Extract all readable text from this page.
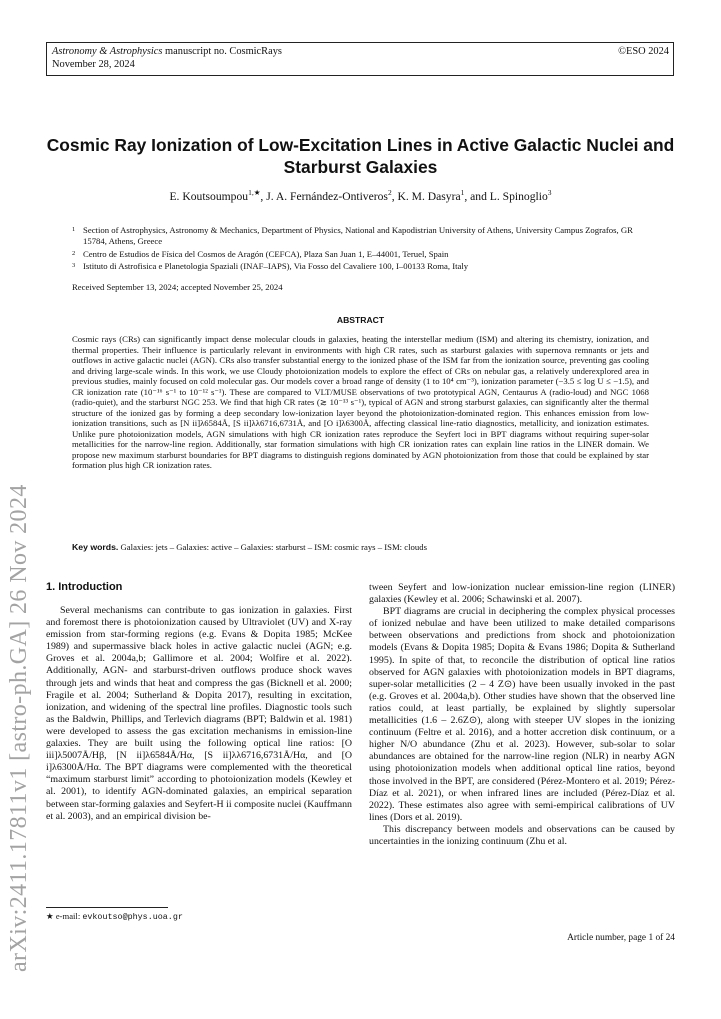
Astronomy & Astrophysics manuscript no. CosmicRays
November 28, 2024
©ESO 2024
arXiv:2411.17811v1 [astro-ph.GA] 26 Nov 2024
Cosmic Ray Ionization of Low-Excitation Lines in Active Galactic Nuclei and Starburst Galaxies
E. Koutsoumpou$^{1,★}$, J. A. Fernández-Ontiveros$^2$, K. M. Dasyra$^1$, and L. Spinoglio$^3$
1 Section of Astrophysics, Astronomy & Mechanics, Department of Physics, National and Kapodistrian University of Athens, University Campus Zografos, GR 15784, Athens, Greece
2 Centro de Estudios de Física del Cosmos de Aragón (CEFCA), Plaza San Juan 1, E–44001, Teruel, Spain
3 Istituto di Astrofisica e Planetologia Spaziali (INAF–IAPS), Via Fosso del Cavaliere 100, I–00133 Roma, Italy
Received September 13, 2024; accepted November 25, 2024
ABSTRACT
Cosmic rays (CRs) can significantly impact dense molecular clouds in galaxies, heating the interstellar medium (ISM) and altering its chemistry, ionization, and thermal properties. Their influence is particularly relevant in environments with high CR rates, such as starburst galaxies with supernova remnants or jets and outflows in active galactic nuclei (AGN). CRs also transfer substantial energy to the ionized phase of the ISM far from the ionization source, preventing gas cooling and driving large-scale winds. In this work, we use Cloudy photoionization models to explore the effect of CRs on nebular gas, a relatively underexplored area in previous studies, mainly focused on cold molecular gas. Our models cover a broad range of density (1 to 10⁴ cm⁻³), ionization parameter (−3.5 ≤ log U ≤ −1.5), and CR ionization rate (10⁻¹⁶ s⁻¹ to 10⁻¹² s⁻¹). These are compared to VLT/MUSE observations of two prototypical AGN, Centaurus A (radio-loud) and NGC 1068 (radio-quiet), and the starburst NGC 253. We find that high CR rates (≳ 10⁻¹³ s⁻¹), typical of AGN and strong starburst galaxies, can significantly alter the thermal structure of the ionized gas by forming a deep secondary low-ionization layer beyond the photoionization-dominated region. This enhances emission from low-ionization transitions, such as [N ii]λ6584Å, [S ii]λλ6716,6731Å, and [O i]λ6300Å, affecting classical line-ratio diagnostics, metallicity, and ionization estimates. Unlike pure photoionization models, AGN simulations with high CR ionization rates reproduce the Seyfert loci in BPT diagrams without requiring super-solar metallicities for the narrow-line region. Additionally, star formation simulations with high CR ionization rates can explain line ratios in the LINER domain. We propose new maximum starburst boundaries for BPT diagrams to distinguish regions dominated by AGN photoionization from those that could be explained by star formation plus high CR ionization rates.
Key words. Galaxies: jets – Galaxies: active – Galaxies: starburst – ISM: cosmic rays – ISM: clouds
1. Introduction

Several mechanisms can contribute to gas ionization in galaxies. First and foremost there is photoionization caused by Ultraviolet (UV) and X-ray emission from star-forming regions (e.g. Evans & Dopita 1985; McKee 1989) and supermassive black holes in active galactic nuclei (AGN; e.g. Groves et al. 2004a,b; Gallimore et al. 2004; Wolfire et al. 2022). Additionally, AGN- and starburst-driven outflows produce shock waves through jets and winds that heat and compress the gas (Bicknell et al. 2000; Fragile et al. 2004; Sutherland & Dopita 2017), resulting in excitation, ionization, and widening of the spectral line profiles. Diagnostic tools such as the Baldwin, Phillips, and Terlevich diagrams (BPT; Baldwin et al. 1981) were developed to assess the gas excitation mechanisms in emission-line galaxies. They are built using the following optical line ratios: [O iii]λ5007Å/Hβ, [N ii]λ6584Å/Hα, [S ii]λλ6716,6731Å/Hα, and [O i]λ6300Å/Hα. The BPT diagrams were complemented with the theoretical “maximum starburst limit” according to photoionization models (Kewley et al. 2001), to identify AGN-dominated galaxies, an empirical separation between star-forming galaxies and Seyfert-H ii composite nuclei (Kauffmann et al. 2003), and an empirical division be-

tween Seyfert and low-ionization nuclear emission-line region (LINER) galaxies (Kewley et al. 2006; Schawinski et al. 2007).

BPT diagrams are crucial in deciphering the complex physical processes of ionized nebulae and have been utilized to make detailed comparisons between observations and predictions from shock and photoionization models (Evans & Dopita 1985; Dopita & Evans 1986; Dopita & Sutherland 1995). In spite of that, to reconcile the distribution of optical line ratios observed for AGN galaxies with photoionization models in BPT diagrams, super-solar metallicities (2 – 4 Z⊙) have been usually invoked in the past (e.g. Groves et al. 2004a,b). Other studies have shown that the observed line ratios could, at least partially, be explained by slightly supersolar metallicities (1.6 – 2.6Z⊙), along with steeper UV slopes in the ionizing continuum (Feltre et al. 2016), and a hotter accretion disk continuum, or a higher N/O abundance (Zhu et al. 2023). However, sub-solar to solar abundances are obtained for the narrow-line region (NLR) in nearby AGN using photoionization models when additional optical line ratios, beyond those involved in the BPT, are considered (Pérez-Montero et al. 2019; Pérez-Díaz et al. 2021), or when infrared lines are included (Pérez-Díaz et al. 2022). These estimates also agree with semi-empirical calibrations of UV lines (Dors et al. 2019).

This discrepancy between models and observations can be caused by uncertainties in the ionizing continuum (Zhu et al.

★ e-mail: evkoutso@phys.uoa.gr
Article number, page 1 of 24
